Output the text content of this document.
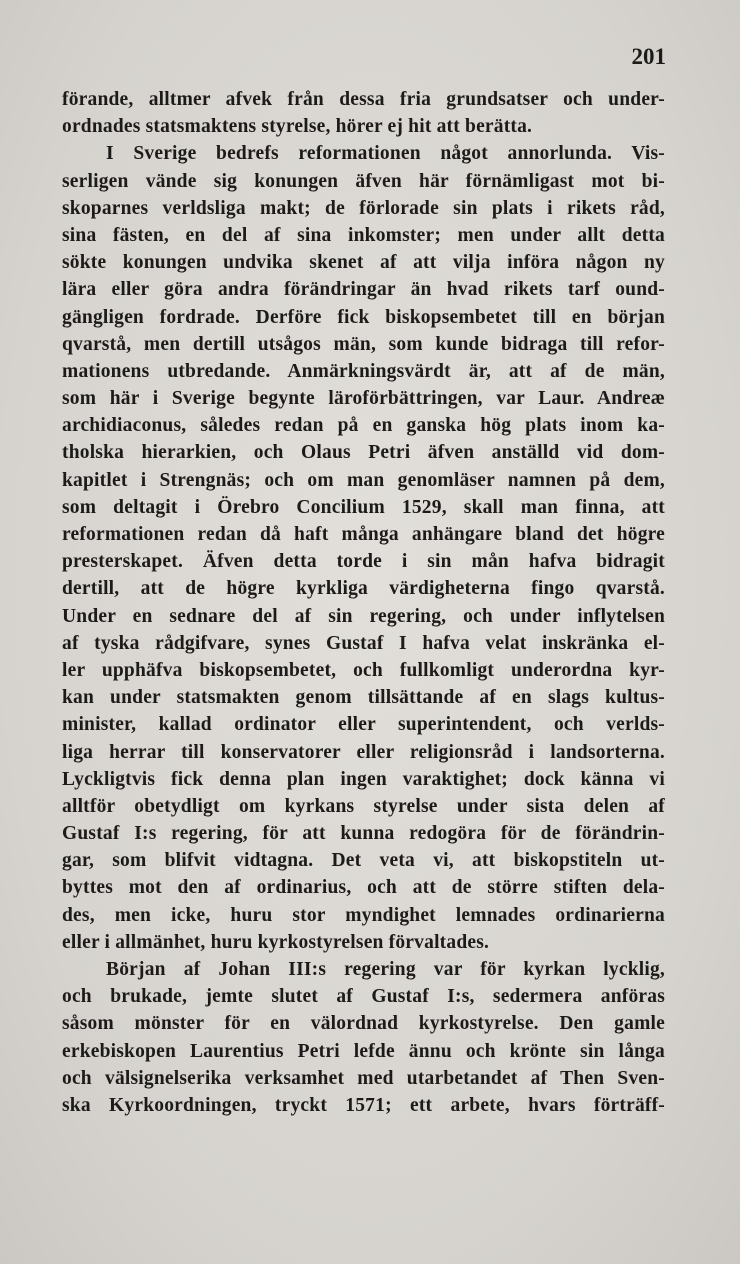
201
förande, alltmer afvek från dessa fria grundsatser och under-
ordnades statsmaktens styrelse, hörer ej hit att berätta.
I Sverige bedrefs reformationen något annorlunda. Vis-
serligen vände sig konungen äfven här förnämligast mot bi-
skoparnes verldsliga makt; de förlorade sin plats i rikets råd,
sina fästen, en del af sina inkomster; men under allt detta
sökte konungen undvika skenet af att vilja införa någon ny
lära eller göra andra förändringar än hvad rikets tarf ound-
gängligen fordrade. Derföre fick biskopsembetet till en början
qvarstå, men dertill utsågos män, som kunde bidraga till refor-
mationens utbredande. Anmärkningsvärdt är, att af de män,
som här i Sverige begynte läroförbättringen, var Laur. Andreæ
archidiaconus, således redan på en ganska hög plats inom ka-
tholska hierarkien, och Olaus Petri äfven anställd vid dom-
kapitlet i Strengnäs; och om man genomläser namnen på dem,
som deltagit i Örebro Concilium 1529, skall man finna, att
reformationen redan då haft många anhängare bland det högre
presterskapet. Äfven detta torde i sin mån hafva bidragit
dertill, att de högre kyrkliga värdigheterna fingo qvarstå.
Under en sednare del af sin regering, och under inflytelsen
af tyska rådgifvare, synes Gustaf I hafva velat inskränka el-
ler upphäfva biskopsembetet, och fullkomligt underordna kyr-
kan under statsmakten genom tillsättande af en slags kultus-
minister, kallad ordinator eller superintendent, och verlds-
liga herrar till konservatorer eller religionsråd i landsorterna.
Lyckligtvis fick denna plan ingen varaktighet; dock känna vi
alltför obetydligt om kyrkans styrelse under sista delen af
Gustaf I:s regering, för att kunna redogöra för de förändrin-
gar, som blifvit vidtagna. Det veta vi, att biskopstiteln ut-
byttes mot den af ordinarius, och att de större stiften dela-
des, men icke, huru stor myndighet lemnades ordinarierna
eller i allmänhet, huru kyrkostyrelsen förvaltades.
Början af Johan III:s regering var för kyrkan lycklig,
och brukade, jemte slutet af Gustaf I:s, sedermera anföras
såsom mönster för en välordnad kyrkostyrelse. Den gamle
erkebiskopen Laurentius Petri lefde ännu och krönte sin långa
och välsignelserika verksamhet med utarbetandet af Then Sven-
ska Kyrkoordningen, tryckt 1571; ett arbete, hvars förträff-
